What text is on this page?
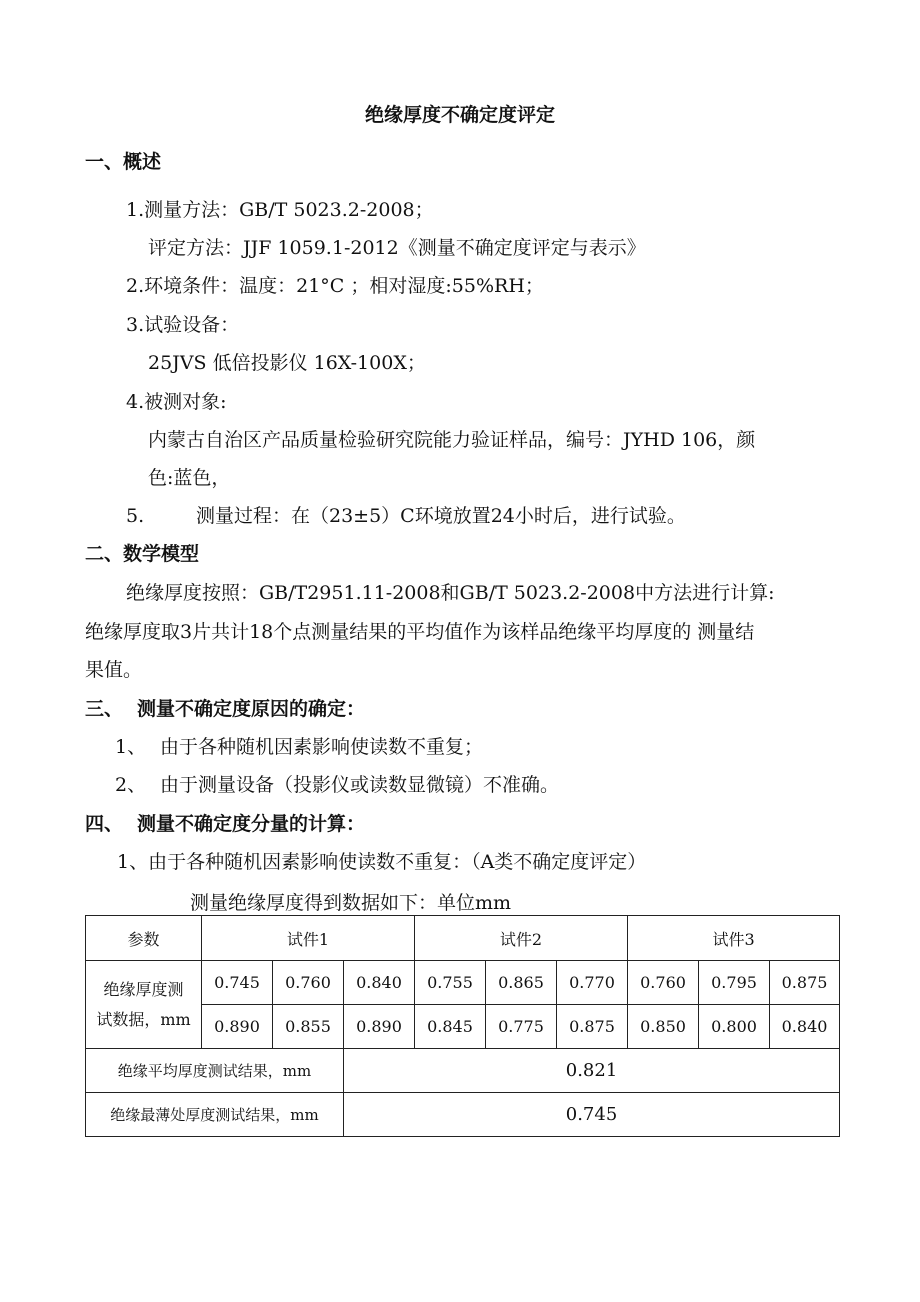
绝缘厚度不确定度评定
一、概述
1.测量方法：GB/T 5023.2-2008；
评定方法：JJF 1059.1-2012《测量不确定度评定与表示》
2.环境条件：温度：21°C ；相对湿度:55%RH；
3.试验设备：
25JVS 低倍投影仪 16X-100X；
4.被测对象:
内蒙古自治区产品质量检验研究院能力验证样品，编号：JYHD 106，颜
色:蓝色，
5.	测量过程：在（23±5）C环境放置24小时后，进行试验。
二、数学模型
绝缘厚度按照：GB/T2951.11-2008和GB/T 5023.2-2008中方法进行计算:
绝缘厚度取3片共计18个点测量结果的平均值作为该样品绝缘平均厚度的 测量结
果值。
三、 测量不确定度原因的确定：
1、 由于各种随机因素影响使读数不重复；
2、 由于测量设备（投影仪或读数显微镜）不准确。
四、 测量不确定度分量的计算：
1、由于各种随机因素影响使读数不重复：（A类不确定度评定）
测量绝缘厚度得到数据如下：单位mm
参数	试件1			试件2			试件3		

绝缘厚度测
试数据，mm	0.745	0.760	0.840	0.755	0.865	0.770	0.760	0.795	0.875
	0.890	0.855	0.890	0.845	0.775	0.875	0.850	0.800	0.840
绝缘平均厚度测试结果，mm			0.821						
绝缘最薄处厚度测试结果，mm			0.745						
